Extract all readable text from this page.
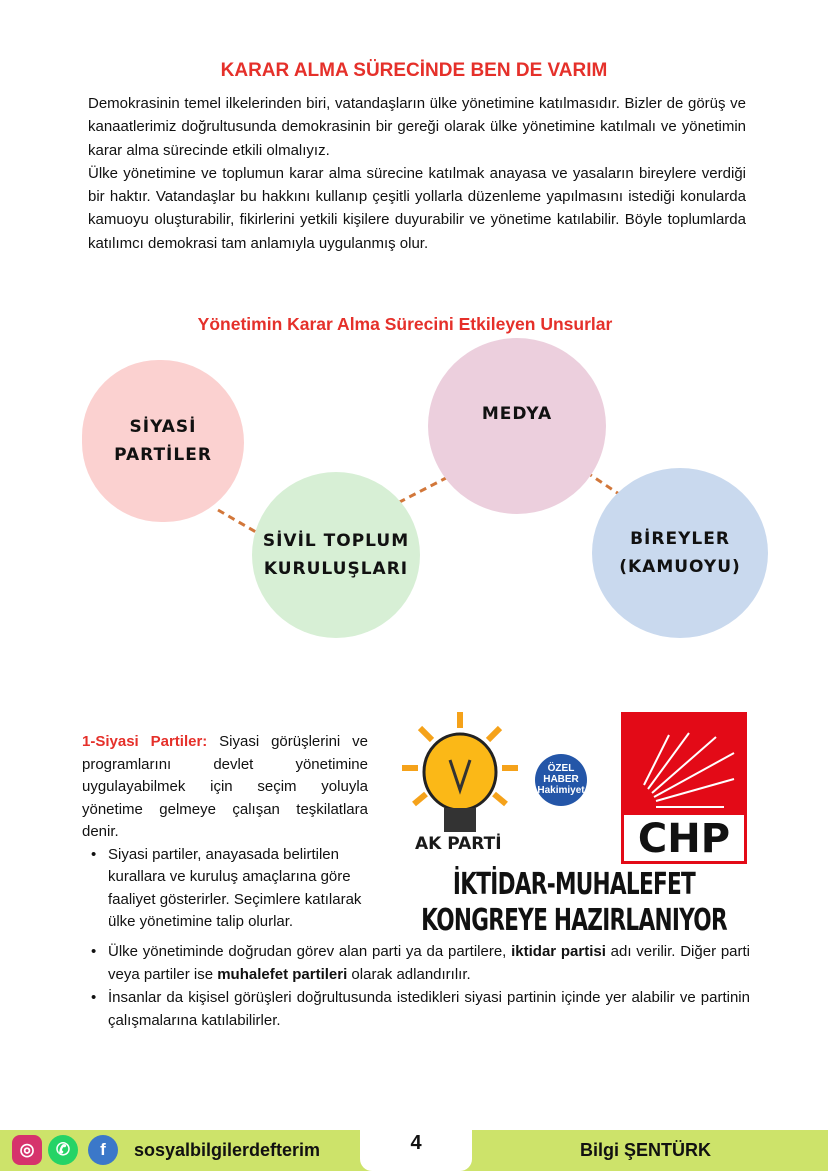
KARAR ALMA SÜRECİNDE BEN DE VARIM

Demokrasinin temel ilkelerinden biri, vatandaşların ülke yönetimine katılmasıdır. Bizler de görüş ve kanaatlerimiz doğrultusunda demokrasinin bir gereği olarak ülke yönetimine katılmalı ve yönetimin karar alma sürecinde etkili olmalıyız.

Ülke yönetimine ve toplumun karar alma sürecine katılmak anayasa ve yasaların bireylere verdiği bir haktır. Vatandaşlar bu hakkını kullanıp çeşitli yollarla düzenleme yapılmasını istediği konularda kamuoyu oluşturabilir, fikirlerini yetkili kişilere duyurabilir ve yönetime katılabilir. Böyle toplumlarda katılımcı demokrasi tam anlamıyla uygulanmış olur.

Yönetimin Karar Alma Sürecini Etkileyen Unsurlar
SİYASİ PARTİLER
SİVİL TOPLUM KURULUŞLARI
MEDYA
BİREYLER (KAMUOYU)

1-Siyasi Partiler: Siyasi görüşlerini ve programlarını devlet yönetimine uygulayabilmek için seçim yoluyla yönetime gelmeye çalışan teşkilatlara denir.

• Siyasi partiler, anayasada belirtilen kurallara ve kuruluş amaçlarına göre faaliyet gösterirler. Seçimlere katılarak ülke yönetimine talip olurlar.
• Ülke yönetiminde doğrudan görev alan parti ya da partilere, iktidar partisi adı verilir. Diğer parti veya partiler ise muhalefet partileri olarak adlandırılır.
• İnsanlar da kişisel görüşleri doğrultusunda istedikleri siyasi partinin içinde yer alabilir ve partinin çalışmalarına katılabilirler.
AK PARTİ
ÖZEL HABER Hakimiyet
CHP
İKTİDAR-MUHALEFET
KONGREYE HAZIRLANIYOR
◎	✆	f	sosyalbilgilerdefterim	4	Bilgi ŞENTÜRK
